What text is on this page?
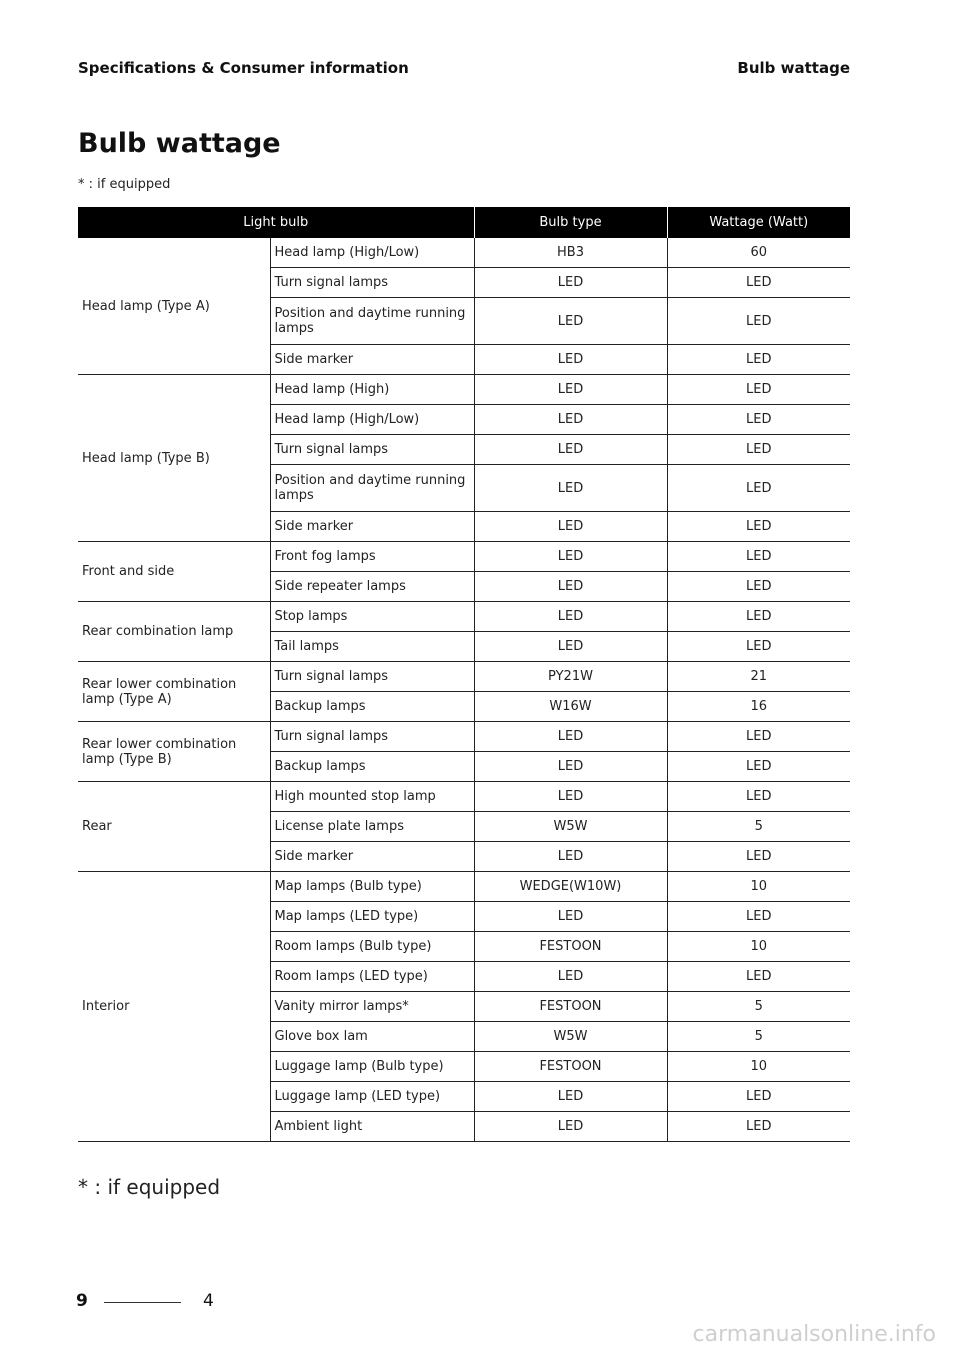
Specifications & Consumer information	Bulb wattage
Bulb wattage
* : if equipped
Light bulb		Bulb type	Wattage (Watt)
Head lamp (Type A)	Head lamp (High/Low)	HB3	60
	Turn signal lamps	LED	LED
	Position and daytime running lamps	LED	LED
	Side marker	LED	LED
Head lamp (Type B)	Head lamp (High)	LED	LED
	Head lamp (High/Low)	LED	LED
	Turn signal lamps	LED	LED
	Position and daytime running lamps	LED	LED
	Side marker	LED	LED
Front and side	Front fog lamps	LED	LED
	Side repeater lamps	LED	LED
Rear combination lamp	Stop lamps	LED	LED
	Tail lamps	LED	LED
Rear lower combination lamp (Type A)	Turn signal lamps	PY21W	21
	Backup lamps	W16W	16
Rear lower combination lamp (Type B)	Turn signal lamps	LED	LED
	Backup lamps	LED	LED
Rear	High mounted stop lamp	LED	LED
	License plate lamps	W5W	5
	Side marker	LED	LED
Interior	Map lamps (Bulb type)	WEDGE(W10W)	10
	Map lamps (LED type)	LED	LED
	Room lamps (Bulb type)	FESTOON	10
	Room lamps (LED type)	LED	LED
	Vanity mirror lamps*	FESTOON	5
	Glove box lam	W5W	5
	Luggage lamp (Bulb type)	FESTOON	10
	Luggage lamp (LED type)	LED	LED
	Ambient light	LED	LED
* : if equipped
9	4
carmanualsonline.info
